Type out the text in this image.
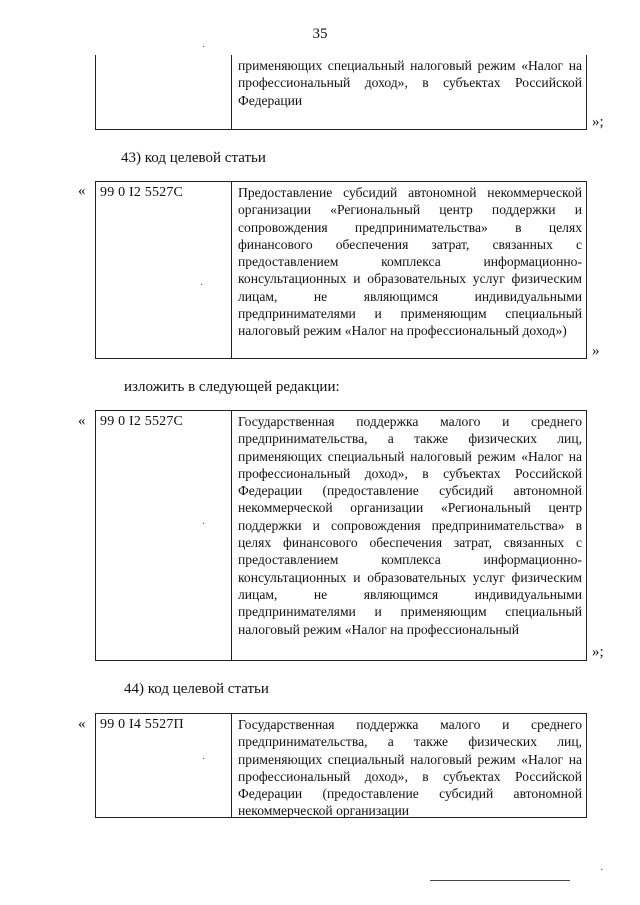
35
применяющих специальный налоговый режим «Налог на профессиональный доход», в субъектах Российской Федерации
»;
43) код целевой статьи
« 99 0 I2 5527C	Предоставление субсидий автономной некоммерческой организации «Региональный центр поддержки и сопровождения предпринимательства» в целях финансового обеспечения затрат, связанных с предоставлением комплекса информационно-консультационных и образовательных услуг физическим лицам, не являющимся индивидуальными предпринимателями и применяющим специальный налоговый режим «Налог на профессиональный доход»)
»
изложить в следующей редакции:
« 99 0 I2 5527C	Государственная поддержка малого и среднего предпринимательства, а также физических лиц, применяющих специальный налоговый режим «Налог на профессиональный доход», в субъектах Российской Федерации (предоставление субсидий автономной некоммерческой организации «Региональный центр поддержки и сопровождения предпринимательства» в целях финансового обеспечения затрат, связанных с предоставлением комплекса информационно-консультационных и образовательных услуг физическим лицам, не являющимся индивидуальными предпринимателями и применяющим специальный налоговый режим «Налог на профессиональный
»;
44) код целевой статьи
« 99 0 I4 5527П	Государственная поддержка малого и среднего предпринимательства, а также физических лиц, применяющих специальный налоговый режим «Налог на профессиональный доход», в субъектах Российской Федерации (предоставление субсидий автономной некоммерческой организации
·
·
·
·
·
